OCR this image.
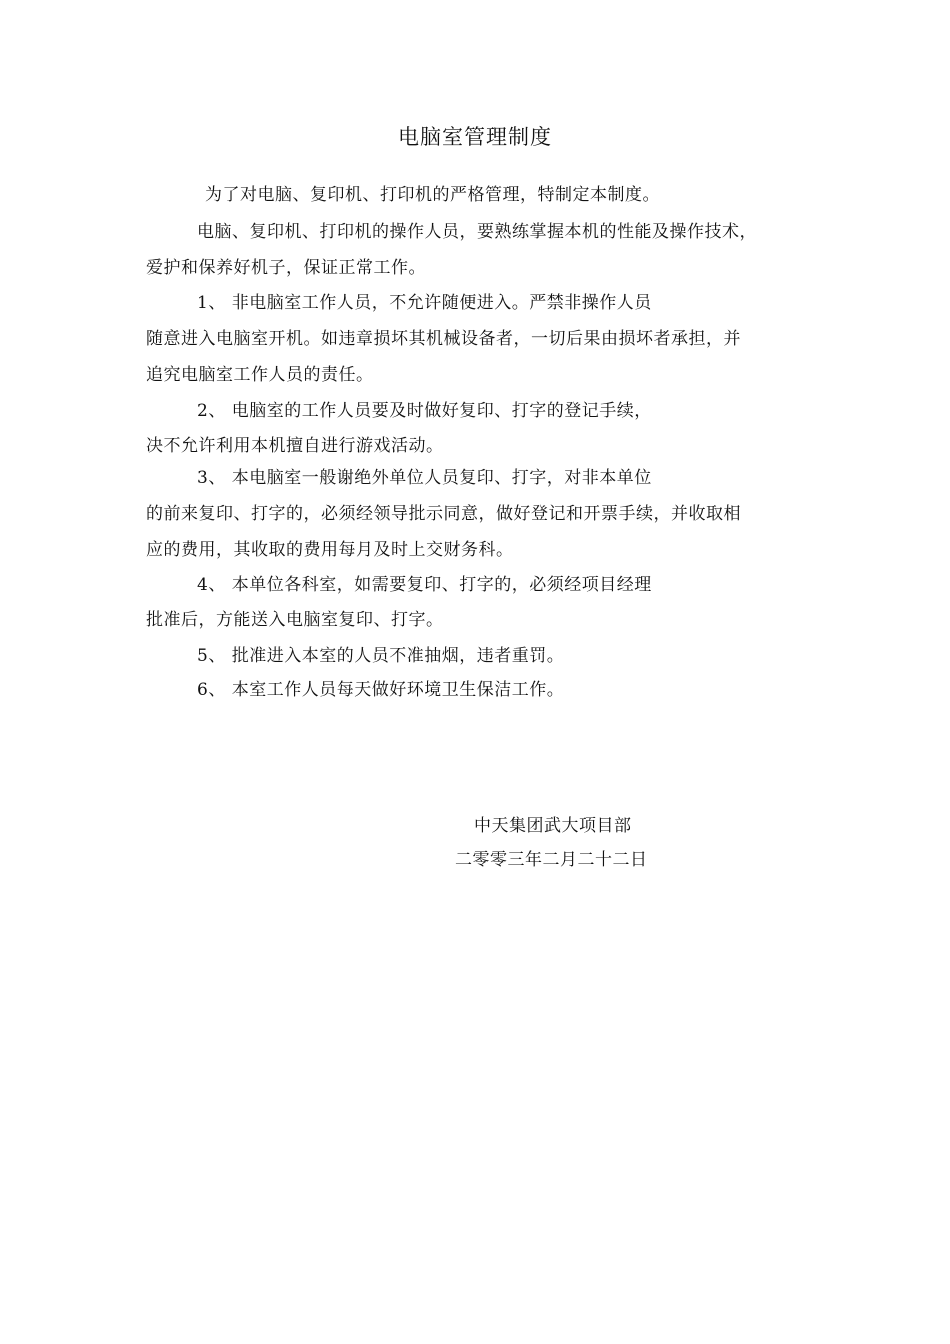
电脑室管理制度
为了对电脑、复印机、打印机的严格管理，特制定本制度。
电脑、复印机、打印机的操作人员，要熟练掌握本机的性能及操作技术，
爱护和保养好机子，保证正常工作。
1、 非电脑室工作人员，不允许随便进入。严禁非操作人员
随意进入电脑室开机。如违章损坏其机械设备者，一切后果由损坏者承担，并
追究电脑室工作人员的责任。
2、 电脑室的工作人员要及时做好复印、打字的登记手续，
决不允许利用本机擅自进行游戏活动。
3、 本电脑室一般谢绝外单位人员复印、打字，对非本单位
的前来复印、打字的，必须经领导批示同意，做好登记和开票手续，并收取相
应的费用，其收取的费用每月及时上交财务科。
4、 本单位各科室，如需要复印、打字的，必须经项目经理
批准后，方能送入电脑室复印、打字。
5、 批准进入本室的人员不准抽烟，违者重罚。
6、 本室工作人员每天做好环境卫生保洁工作。
中天集团武大项目部
二零零三年二月二十二日
